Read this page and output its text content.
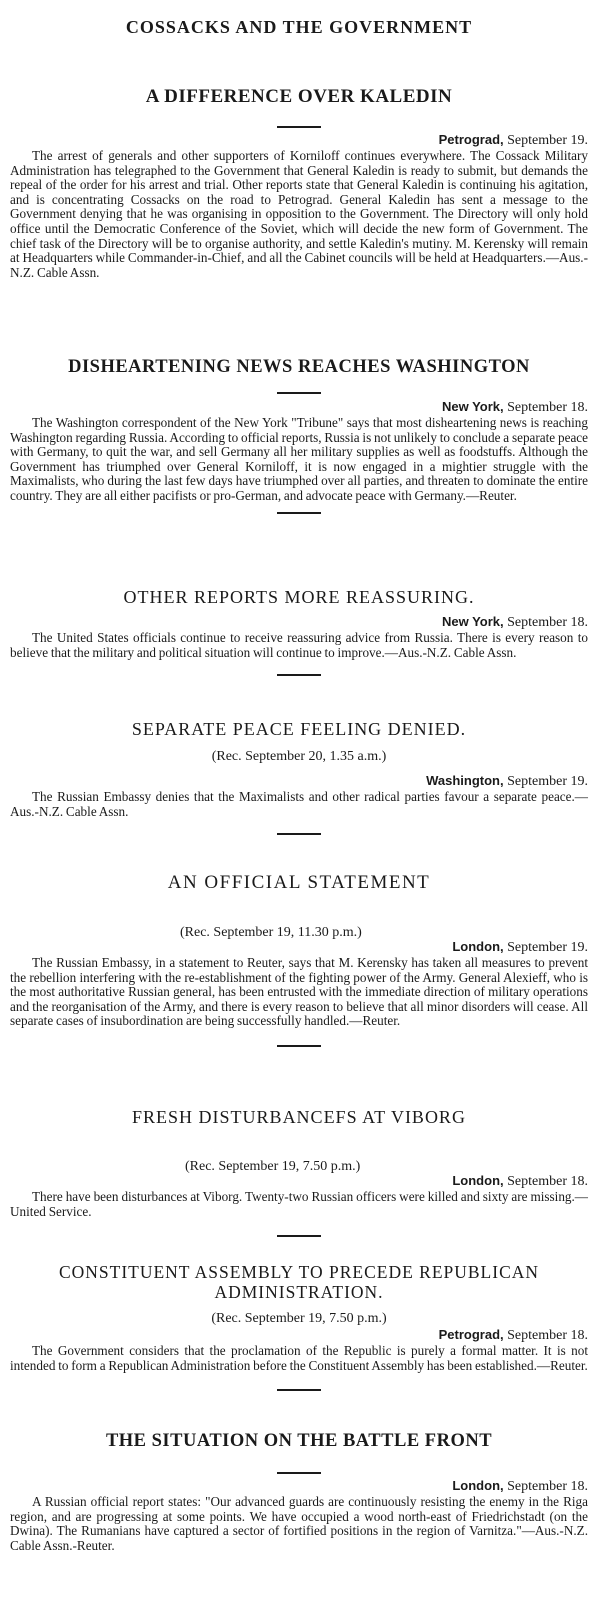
COSSACKS AND THE GOVERNMENT
A DIFFERENCE OVER KALEDIN
Petrograd, September 19.

The arrest of generals and other supporters of Korniloff continues everywhere. The Cossack Military Administration has telegraphed to the Government that General Kaledin is ready to submit, but demands the repeal of the order for his arrest and trial. Other reports state that General Kaledin is continuing his agitation, and is concentrating Cossacks on the road to Petrograd. General Kaledin has sent a message to the Government denying that he was organising in opposition to the Government. The Directory will only hold office until the Democratic Conference of the Soviet, which will decide the new form of Government. The chief task of the Directory will be to organise authority, and settle Kaledin's mutiny. M. Kerensky will remain at Headquarters while Commander-in-Chief, and all the Cabinet councils will be held at Headquarters.—Aus.-N.Z. Cable Assn.

DISHEARTENING NEWS REACHES WASHINGTON
New York, September 18.

The Washington correspondent of the New York "Tribune" says that most disheartening news is reaching Washington regarding Russia. According to official reports, Russia is not unlikely to conclude a separate peace with Germany, to quit the war, and sell Germany all her military supplies as well as foodstuffs. Although the Government has triumphed over General Korniloff, it is now engaged in a mightier struggle with the Maximalists, who during the last few days have triumphed over all parties, and threaten to dominate the entire country. They are all either pacifists or pro-German, and advocate peace with Germany.—Reuter.

OTHER REPORTS MORE REASSURING.
New York, September 18.

The United States officials continue to receive reassuring advice from Russia. There is every reason to believe that the military and political situation will continue to improve.—Aus.-N.Z. Cable Assn.

SEPARATE PEACE FEELING DENIED.
(Rec. September 20, 1.35 a.m.)
Washington, September 19.

The Russian Embassy denies that the Maximalists and other radical parties favour a separate peace.—Aus.-N.Z. Cable Assn.

AN OFFICIAL STATEMENT
(Rec. September 19, 11.30 p.m.)
London, September 19.

The Russian Embassy, in a statement to Reuter, says that M. Kerensky has taken all measures to prevent the rebellion interfering with the re-establishment of the fighting power of the Army. General Alexieff, who is the most authoritative Russian general, has been entrusted with the immediate direction of military operations and the reorganisation of the Army, and there is every reason to believe that all minor disorders will cease. All separate cases of insubordination are being successfully handled.—Reuter.

FRESH DISTURBANCEFS AT VIBORG
(Rec. September 19, 7.50 p.m.)
London, September 18.

There have been disturbances at Viborg. Twenty-two Russian officers were killed and sixty are missing.—United Service.

CONSTITUENT ASSEMBLY TO PRECEDE REPUBLICAN ADMINISTRATION.
(Rec. September 19, 7.50 p.m.)
Petrograd, September 18.

The Government considers that the proclamation of the Republic is purely a formal matter. It is not intended to form a Republican Administration before the Constituent Assembly has been established.—Reuter.

THE SITUATION ON THE BATTLE FRONT
London, September 18.

A Russian official report states: "Our advanced guards are continuously resisting the enemy in the Riga region, and are progressing at some points. We have occupied a wood north-east of Friedrichstadt (on the Dwina). The Rumanians have captured a sector of fortified positions in the region of Varnitza."—Aus.-N.Z. Cable Assn.-Reuter.
